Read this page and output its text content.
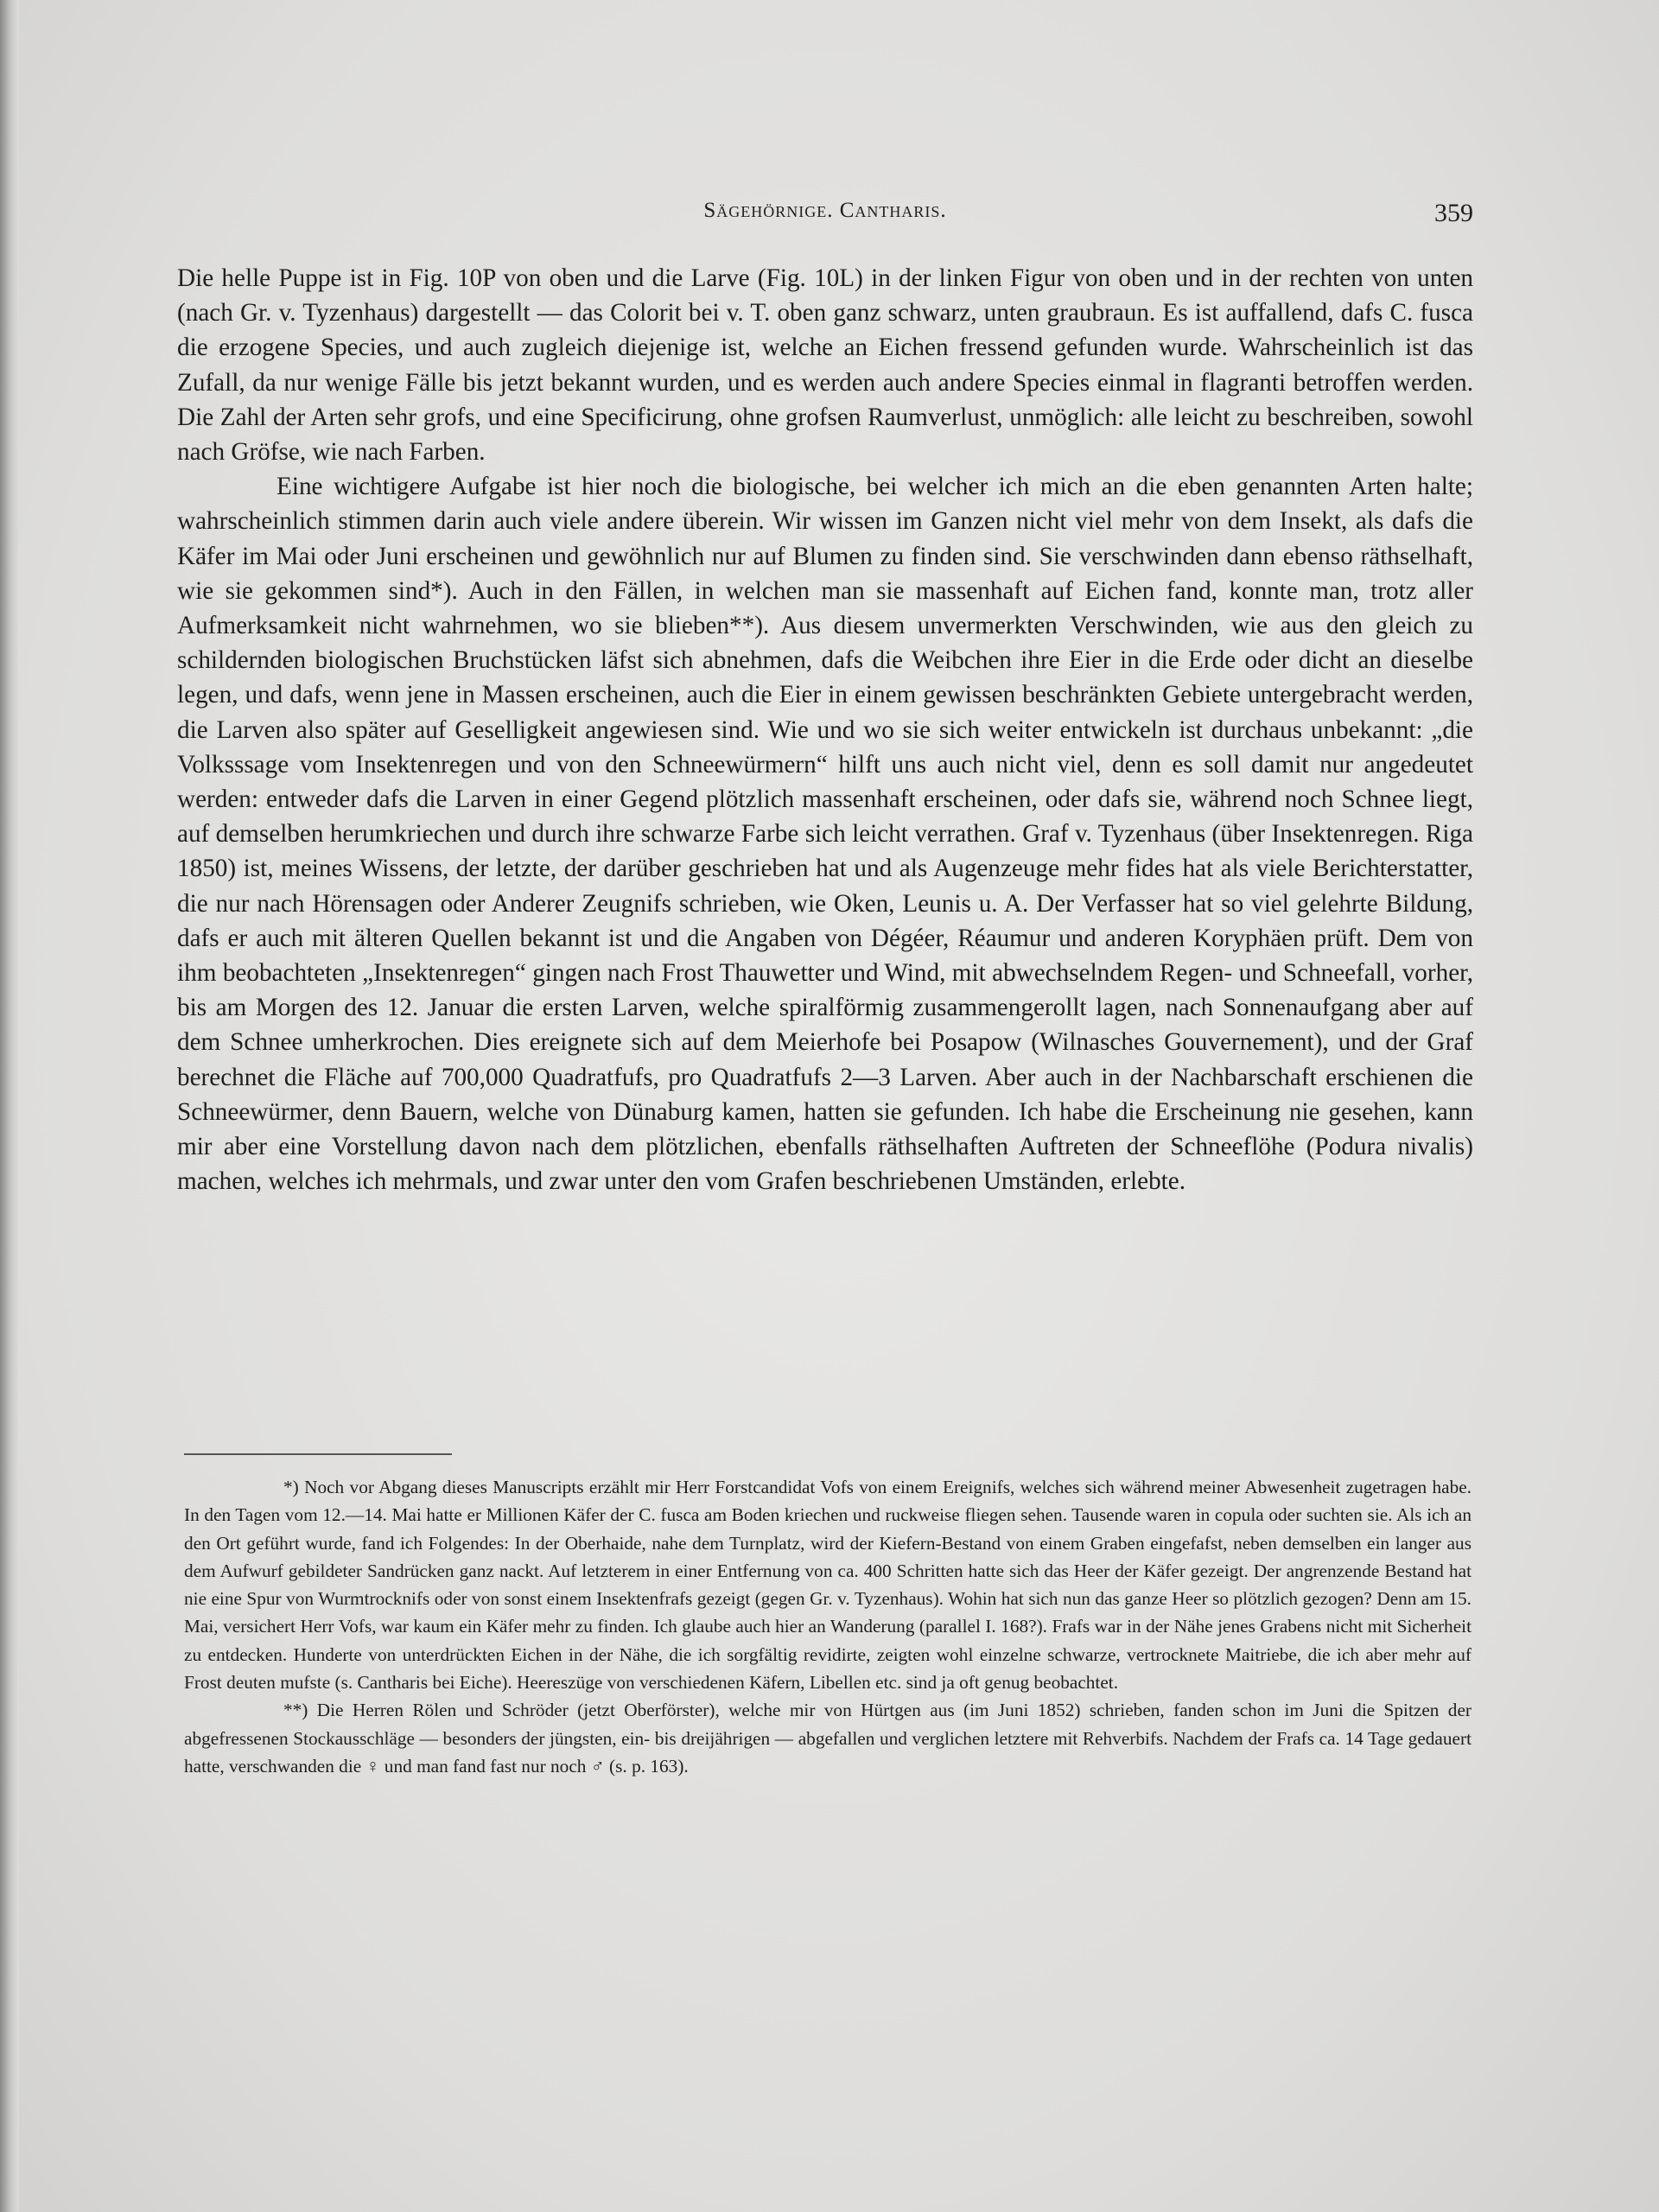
Sägehörnige. Cantharis.	359

Die helle Puppe ist in Fig. 10P von oben und die Larve (Fig. 10L) in der linken Figur von oben und in der rechten von unten (nach Gr. v. Tyzenhaus) dargestellt — das Colorit bei v. T. oben ganz schwarz, unten graubraun. Es ist auffallend, dafs C. fusca die erzogene Species, und auch zugleich diejenige ist, welche an Eichen fressend gefunden wurde. Wahrscheinlich ist das Zufall, da nur wenige Fälle bis jetzt bekannt wurden, und es werden auch andere Species einmal in flagranti betroffen werden. Die Zahl der Arten sehr grofs, und eine Specificirung, ohne grofsen Raumverlust, unmöglich: alle leicht zu beschreiben, sowohl nach Gröfse, wie nach Farben.

Eine wichtigere Aufgabe ist hier noch die biologische, bei welcher ich mich an die eben genannten Arten halte; wahrscheinlich stimmen darin auch viele andere überein. Wir wissen im Ganzen nicht viel mehr von dem Insekt, als dafs die Käfer im Mai oder Juni erscheinen und gewöhnlich nur auf Blumen zu finden sind. Sie verschwinden dann ebenso räthselhaft, wie sie gekommen sind*). Auch in den Fällen, in welchen man sie massenhaft auf Eichen fand, konnte man, trotz aller Aufmerksamkeit nicht wahrnehmen, wo sie blieben**). Aus diesem unvermerkten Verschwinden, wie aus den gleich zu schildernden biologischen Bruchstücken läfst sich abnehmen, dafs die Weibchen ihre Eier in die Erde oder dicht an dieselbe legen, und dafs, wenn jene in Massen erscheinen, auch die Eier in einem gewissen beschränkten Gebiete untergebracht werden, die Larven also später auf Geselligkeit angewiesen sind. Wie und wo sie sich weiter entwickeln ist durchaus unbekannt: „die Volksssage vom Insektenregen und von den Schneewürmern“ hilft uns auch nicht viel, denn es soll damit nur angedeutet werden: entweder dafs die Larven in einer Gegend plötzlich massenhaft erscheinen, oder dafs sie, während noch Schnee liegt, auf demselben herumkriechen und durch ihre schwarze Farbe sich leicht verrathen. Graf v. Tyzenhaus (über Insektenregen. Riga 1850) ist, meines Wissens, der letzte, der darüber geschrieben hat und als Augenzeuge mehr fides hat als viele Berichterstatter, die nur nach Hörensagen oder Anderer Zeugnifs schrieben, wie Oken, Leunis u. A. Der Verfasser hat so viel gelehrte Bildung, dafs er auch mit älteren Quellen bekannt ist und die Angaben von Dégéer, Réaumur und anderen Koryphäen prüft. Dem von ihm beobachteten „Insektenregen“ gingen nach Frost Thauwetter und Wind, mit abwechselndem Regen- und Schneefall, vorher, bis am Morgen des 12. Januar die ersten Larven, welche spiralförmig zusammengerollt lagen, nach Sonnenaufgang aber auf dem Schnee umherkrochen. Dies ereignete sich auf dem Meierhofe bei Posapow (Wilnasches Gouvernement), und der Graf berechnet die Fläche auf 700,000 Quadratfufs, pro Quadratfufs 2—3 Larven. Aber auch in der Nachbarschaft erschienen die Schneewürmer, denn Bauern, welche von Dünaburg kamen, hatten sie gefunden. Ich habe die Erscheinung nie gesehen, kann mir aber eine Vorstellung davon nach dem plötzlichen, ebenfalls räthselhaften Auftreten der Schneeflöhe (Podura nivalis) machen, welches ich mehrmals, und zwar unter den vom Grafen beschriebenen Umständen, erlebte.

*) Noch vor Abgang dieses Manuscripts erzählt mir Herr Forstcandidat Vofs von einem Ereignifs, welches sich während meiner Abwesenheit zugetragen habe. In den Tagen vom 12.—14. Mai hatte er Millionen Käfer der C. fusca am Boden kriechen und ruckweise fliegen sehen. Tausende waren in copula oder suchten sie. Als ich an den Ort geführt wurde, fand ich Folgendes: In der Oberhaide, nahe dem Turnplatz, wird der Kiefern-Bestand von einem Graben eingefafst, neben demselben ein langer aus dem Aufwurf gebildeter Sandrücken ganz nackt. Auf letzterem in einer Entfernung von ca. 400 Schritten hatte sich das Heer der Käfer gezeigt. Der angrenzende Bestand hat nie eine Spur von Wurmtrocknifs oder von sonst einem Insektenfrafs gezeigt (gegen Gr. v. Tyzenhaus). Wohin hat sich nun das ganze Heer so plötzlich gezogen? Denn am 15. Mai, versichert Herr Vofs, war kaum ein Käfer mehr zu finden. Ich glaube auch hier an Wanderung (parallel I. 168?). Frafs war in der Nähe jenes Grabens nicht mit Sicherheit zu entdecken. Hunderte von unterdrückten Eichen in der Nähe, die ich sorgfältig revidirte, zeigten wohl einzelne schwarze, vertrocknete Maitriebe, die ich aber mehr auf Frost deuten mufste (s. Cantharis bei Eiche). Heereszüge von verschiedenen Käfern, Libellen etc. sind ja oft genug beobachtet.

**) Die Herren Rölen und Schröder (jetzt Oberförster), welche mir von Hürtgen aus (im Juni 1852) schrieben, fanden schon im Juni die Spitzen der abgefressenen Stockausschläge — besonders der jüngsten, ein- bis dreijährigen — abgefallen und verglichen letztere mit Rehverbifs. Nachdem der Frafs ca. 14 Tage gedauert hatte, verschwanden die ♀ und man fand fast nur noch ♂ (s. p. 163).
